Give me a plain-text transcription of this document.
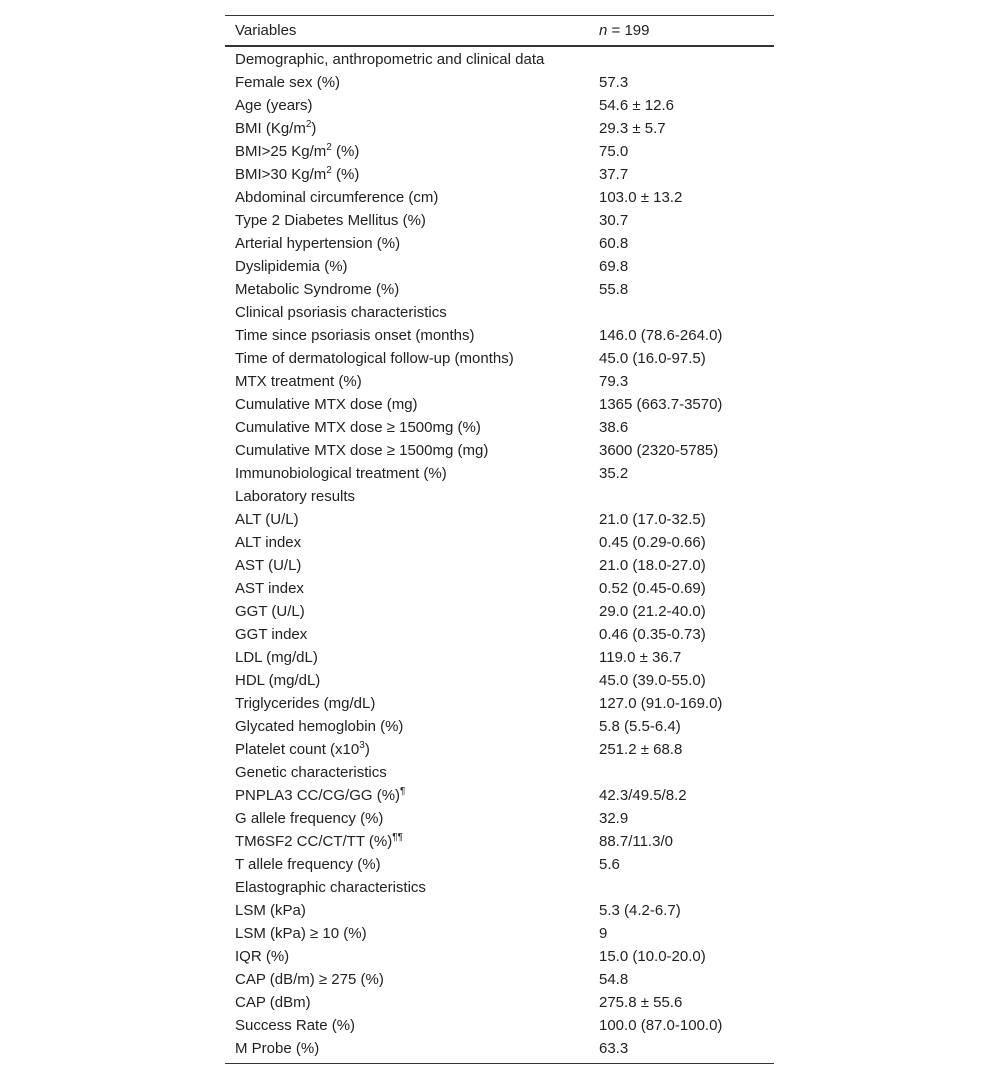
Variables	n = 199
Demographic, anthropometric and clinical data
Female sex (%)	57.3
Age (years)	54.6 ± 12.6
BMI $(Kg/m^2)$	29.3 ± 5.7
BMI>25 $Kg/m^2$ (%)	75.0
BMI>30 $Kg/m^2$ (%)	37.7
Abdominal circumference (cm)	103.0 ± 13.2
Type 2 Diabetes Mellitus (%)	30.7
Arterial hypertension (%)	60.8
Dyslipidemia (%)	69.8
Metabolic Syndrome (%)	55.8
Clinical psoriasis characteristics
Time since psoriasis onset (months)	146.0 (78.6-264.0)
Time of dermatological follow-up (months)	45.0 (16.0-97.5)
MTX treatment (%)	79.3
Cumulative MTX dose (mg)	1365 (663.7-3570)
Cumulative MTX dose ≥ 1500mg (%)	38.6
Cumulative MTX dose ≥ 1500mg (mg)	3600 (2320-5785)
Immunobiological treatment (%)	35.2
Laboratory results
ALT (U/L)	21.0 (17.0-32.5)
ALT index	0.45 (0.29-0.66)
AST (U/L)	21.0 (18.0-27.0)
AST index	0.52 (0.45-0.69)
GGT (U/L)	29.0 (21.2-40.0)
GGT index	0.46 (0.35-0.73)
LDL (mg/dL)	119.0 ± 36.7
HDL (mg/dL)	45.0 (39.0-55.0)
Triglycerides (mg/dL)	127.0 (91.0-169.0)
Glycated hemoglobin (%)	5.8 (5.5-6.4)
Platelet count $(x10^3)$	251.2 ± 68.8
Genetic characteristics
PNPLA3 CC/CG/GG (%)¶	42.3/49.5/8.2
G allele frequency (%)	32.9
TM6SF2 CC/CT/TT (%)¶¶	88.7/11.3/0
T allele frequency (%)	5.6
Elastographic characteristics
LSM (kPa)	5.3 (4.2-6.7)
LSM (kPa) ≥ 10 (%)	9
IQR (%)	15.0 (10.0-20.0)
CAP (dB/m) ≥ 275 (%)	54.8
CAP (dBm)	275.8 ± 55.6
Success Rate (%)	100.0 (87.0-100.0)
M Probe (%)	63.3
